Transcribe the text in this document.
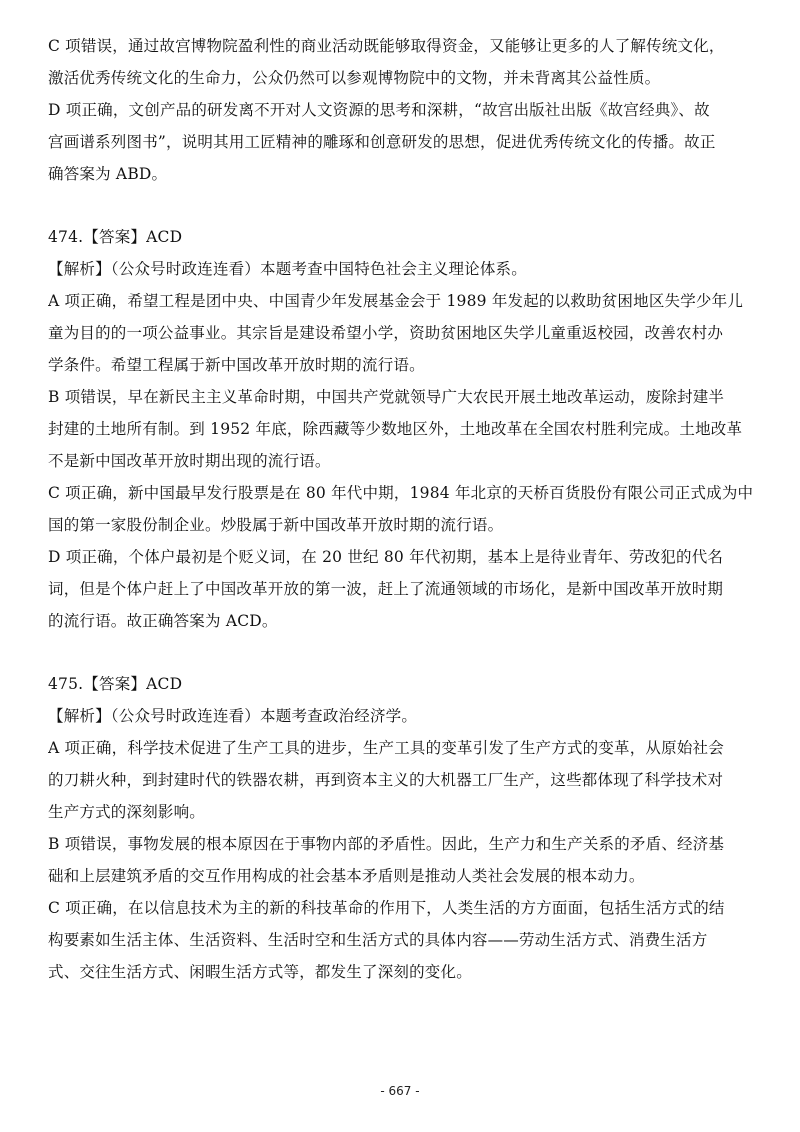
C 项错误，通过故宫博物院盈利性的商业活动既能够取得资金，又能够让更多的人了解传统文化，
激活优秀传统文化的生命力，公众仍然可以参观博物院中的文物，并未背离其公益性质。
D 项正确，文创产品的研发离不开对人文资源的思考和深耕，“故宫出版社出版《故宫经典》、故
宫画谱系列图书”，说明其用工匠精神的雕琢和创意研发的思想，促进优秀传统文化的传播。故正
确答案为 ABD。
474.【答案】ACD
【解析】（公众号时政连连看）本题考查中国特色社会主义理论体系。
A 项正确，希望工程是团中央、中国青少年发展基金会于 1989 年发起的以救助贫困地区失学少年儿
童为目的的一项公益事业。其宗旨是建设希望小学，资助贫困地区失学儿童重返校园，改善农村办
学条件。希望工程属于新中国改革开放时期的流行语。
B 项错误，早在新民主主义革命时期，中国共产党就领导广大农民开展土地改革运动，废除封建半
封建的土地所有制。到 1952 年底，除西藏等少数地区外，土地改革在全国农村胜利完成。土地改革
不是新中国改革开放时期出现的流行语。
C 项正确，新中国最早发行股票是在 80 年代中期，1984 年北京的天桥百货股份有限公司正式成为中
国的第一家股份制企业。炒股属于新中国改革开放时期的流行语。
D 项正确，个体户最初是个贬义词，在 20 世纪 80 年代初期，基本上是待业青年、劳改犯的代名
词，但是个体户赶上了中国改革开放的第一波，赶上了流通领域的市场化，是新中国改革开放时期
的流行语。故正确答案为 ACD。
475.【答案】ACD
【解析】（公众号时政连连看）本题考查政治经济学。
A 项正确，科学技术促进了生产工具的进步，生产工具的变革引发了生产方式的变革，从原始社会
的刀耕火种，到封建时代的铁器农耕，再到资本主义的大机器工厂生产，这些都体现了科学技术对
生产方式的深刻影响。
B 项错误，事物发展的根本原因在于事物内部的矛盾性。因此，生产力和生产关系的矛盾、经济基
础和上层建筑矛盾的交互作用构成的社会基本矛盾则是推动人类社会发展的根本动力。
C 项正确，在以信息技术为主的新的科技革命的作用下，人类生活的方方面面，包括生活方式的结
构要素如生活主体、生活资料、生活时空和生活方式的具体内容——劳动生活方式、消费生活方
式、交往生活方式、闲暇生活方式等，都发生了深刻的变化。
- 667 -
